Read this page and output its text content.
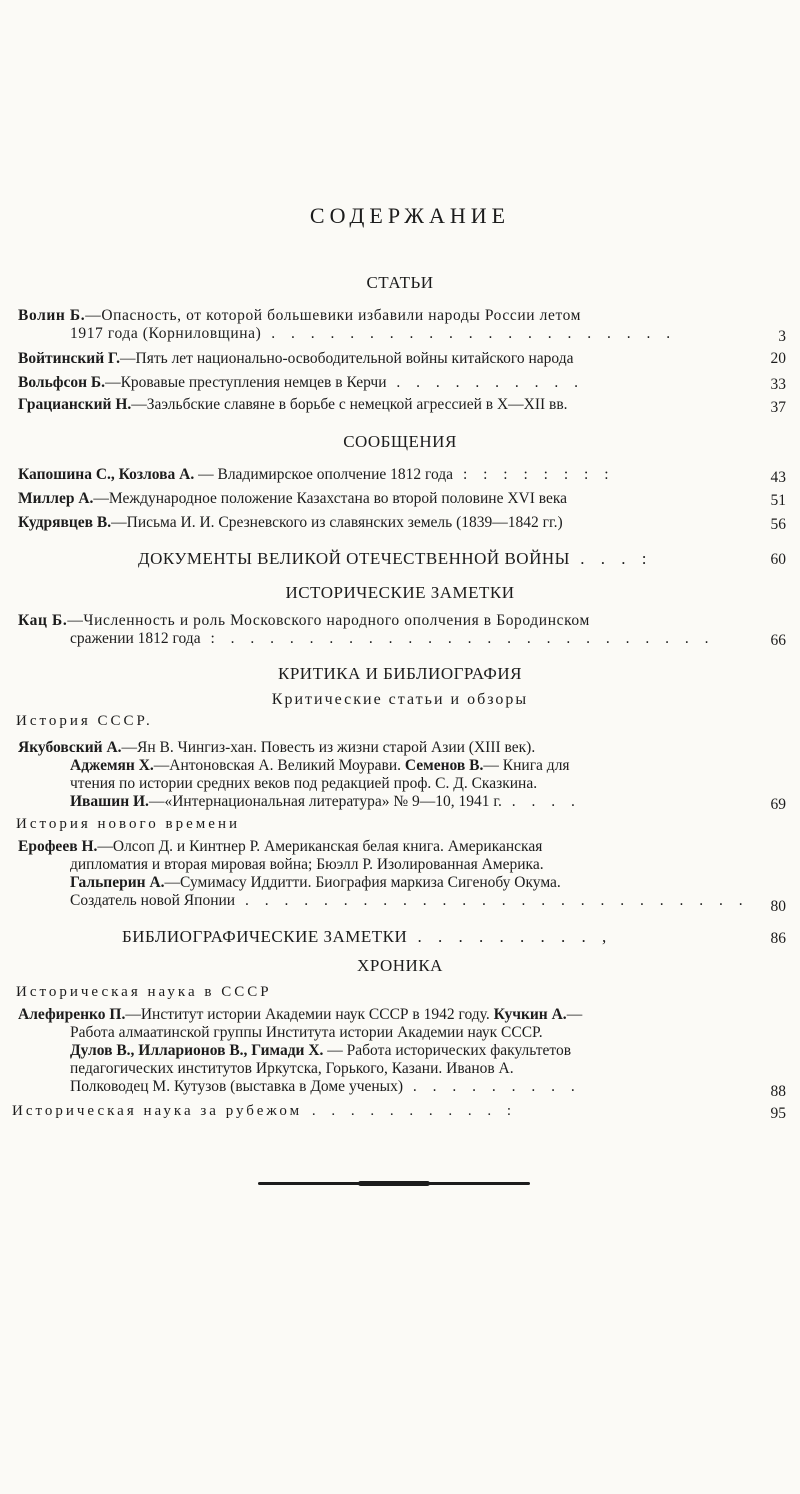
СОДЕРЖАНИЕ
СТАТЬИ
Волин Б.—Опасность, от которой большевики избавили народы России летом
1917 года (Корниловщина) . . . . . . . . . . . . . . . . . . . . .	3
Войтинский Г.—Пять лет национально-освободительной войны китайского народа	20
Вольфсон Б.—Кровавые преступления немцев в Керчи . . . . . . . . . .	33
Грацианский Н.—Заэльбские славяне в борьбе с немецкой агрессией в X—XII вв.	37
СООБЩЕНИЯ
Капошина С., Козлова А. — Владимирское ополчение 1812 года : : : : : : : :	43
Миллер А.—Международное положение Казахстана во второй половине XVI века	51
Кудрявцев В.—Письма И. И. Срезневского из славянских земель (1839—1842 гг.)	56
ДОКУМЕНТЫ ВЕЛИКОЙ ОТЕЧЕСТВЕННОЙ ВОЙНЫ . . . :	60
ИСТОРИЧЕСКИЕ ЗАМЕТКИ
Кац Б.—Численность и роль Московского народного ополчения в Бородинском
сражении 1812 года : . . . . . . . . . . . . . . . . . . . . . . . . .	66
КРИТИКА И БИБЛИОГРАФИЯ
Критические статьи и обзоры
История СССР.
Якубовский А.—Ян В. Чингиз-хан. Повесть из жизни старой Азии (XIII век).
Аджемян Х.—Антоновская А. Великий Моурави. Семенов В.— Книга для
чтения по истории средних веков под редакцией проф. С. Д. Сказкина.
Ивашин И.—«Интернациональная литература» № 9—10, 1941 г. . . . .	69
История нового времени
Ерофеев Н.—Олсоп Д. и Кинтнер Р. Американская белая книга. Американская
дипломатия и вторая мировая война; Бюэлл Р. Изолированная Америка.
Гальперин А.—Сумимасу Иддитти. Биография маркиза Сигенобу Окума.
Создатель новой Японии . . . . . . . . . . . . . . . . . . . . . . . . . . 80
БИБЛИОГРАФИЧЕСКИЕ ЗАМЕТКИ . . . . . . . . . ,	86
ХРОНИКА
Историческая наука в СССР
Алефиренко П.—Институт истории Академии наук СССР в 1942 году. Кучкин А.—
Работа алмаатинской группы Института истории Академии наук СССР.
Дулов В., Илларионов В., Гимади Х. — Работа исторических факультетов
педагогических институтов Иркутска, Горького, Казани. Иванов А.
Полководец М. Кутузов (выставка в Доме ученых) . . . . . . . . .	88
Историческая наука за рубежом . . . . . . . . . . :	95
